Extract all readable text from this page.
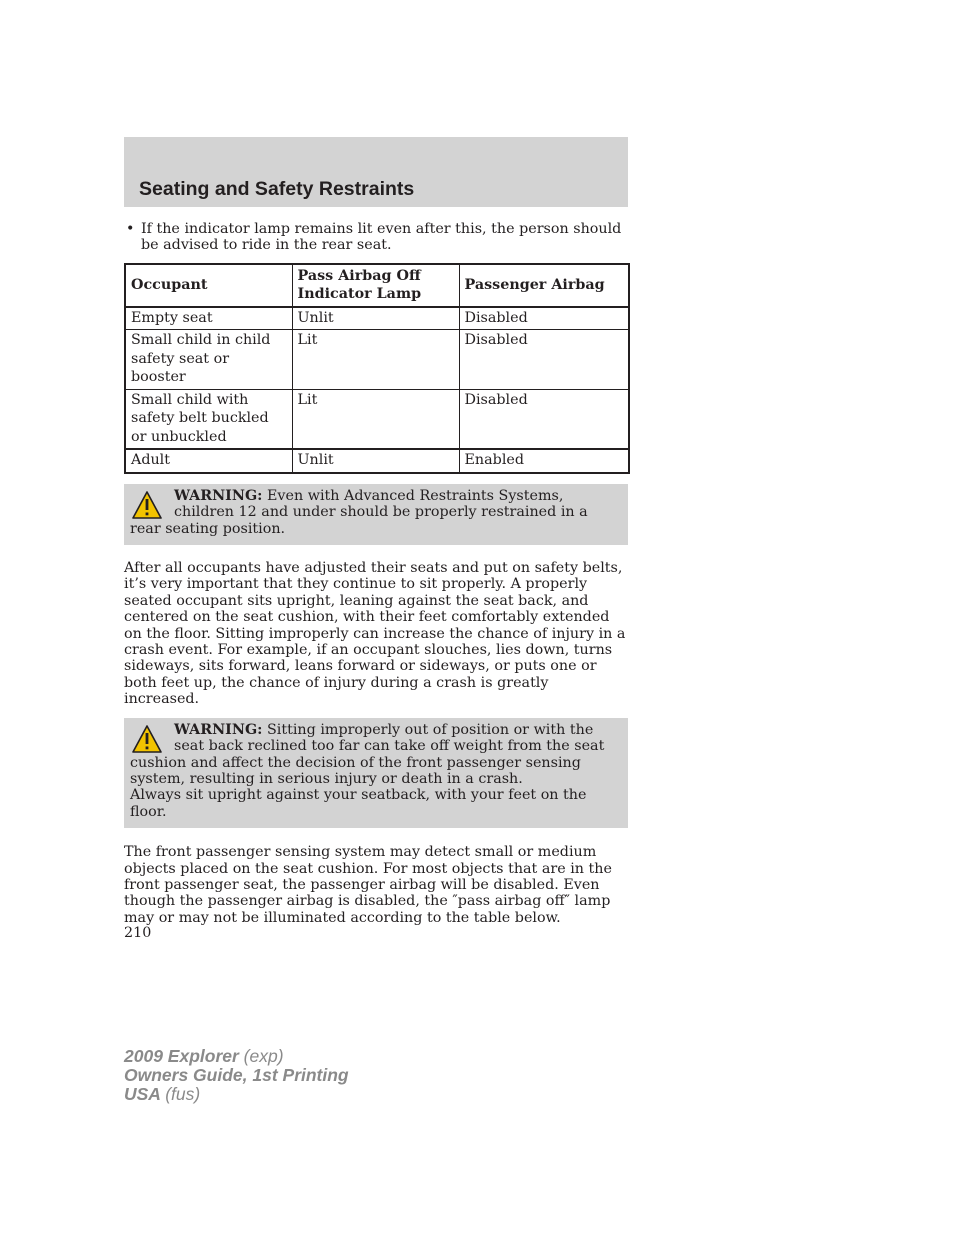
Seating and Safety Restraints

• If the indicator lamp remains lit even after this, the person should be advised to ride in the rear seat.

Occupant	Pass Airbag Off Indicator Lamp	Passenger Airbag
Empty seat	Unlit	Disabled
Small child in child safety seat or booster	Lit	Disabled
Small child with safety belt buckled or unbuckled	Lit	Disabled
Adult	Unlit	Enabled

WARNING: Even with Advanced Restraints Systems, children 12 and under should be properly restrained in a rear seating position.

After all occupants have adjusted their seats and put on safety belts, it’s very important that they continue to sit properly. A properly seated occupant sits upright, leaning against the seat back, and centered on the seat cushion, with their feet comfortably extended on the floor. Sitting improperly can increase the chance of injury in a crash event. For example, if an occupant slouches, lies down, turns sideways, sits forward, leans forward or sideways, or puts one or both feet up, the chance of injury during a crash is greatly increased.

WARNING: Sitting improperly out of position or with the seat back reclined too far can take off weight from the seat cushion and affect the decision of the front passenger sensing system, resulting in serious injury or death in a crash.

Always sit upright against your seatback, with your feet on the floor.

The front passenger sensing system may detect small or medium objects placed on the seat cushion. For most objects that are in the front passenger seat, the passenger airbag will be disabled. Even though the passenger airbag is disabled, the ″pass airbag off″ lamp may or may not be illuminated according to the table below.

210
2009 Explorer (exp)
Owners Guide, 1st Printing
USA (fus)
